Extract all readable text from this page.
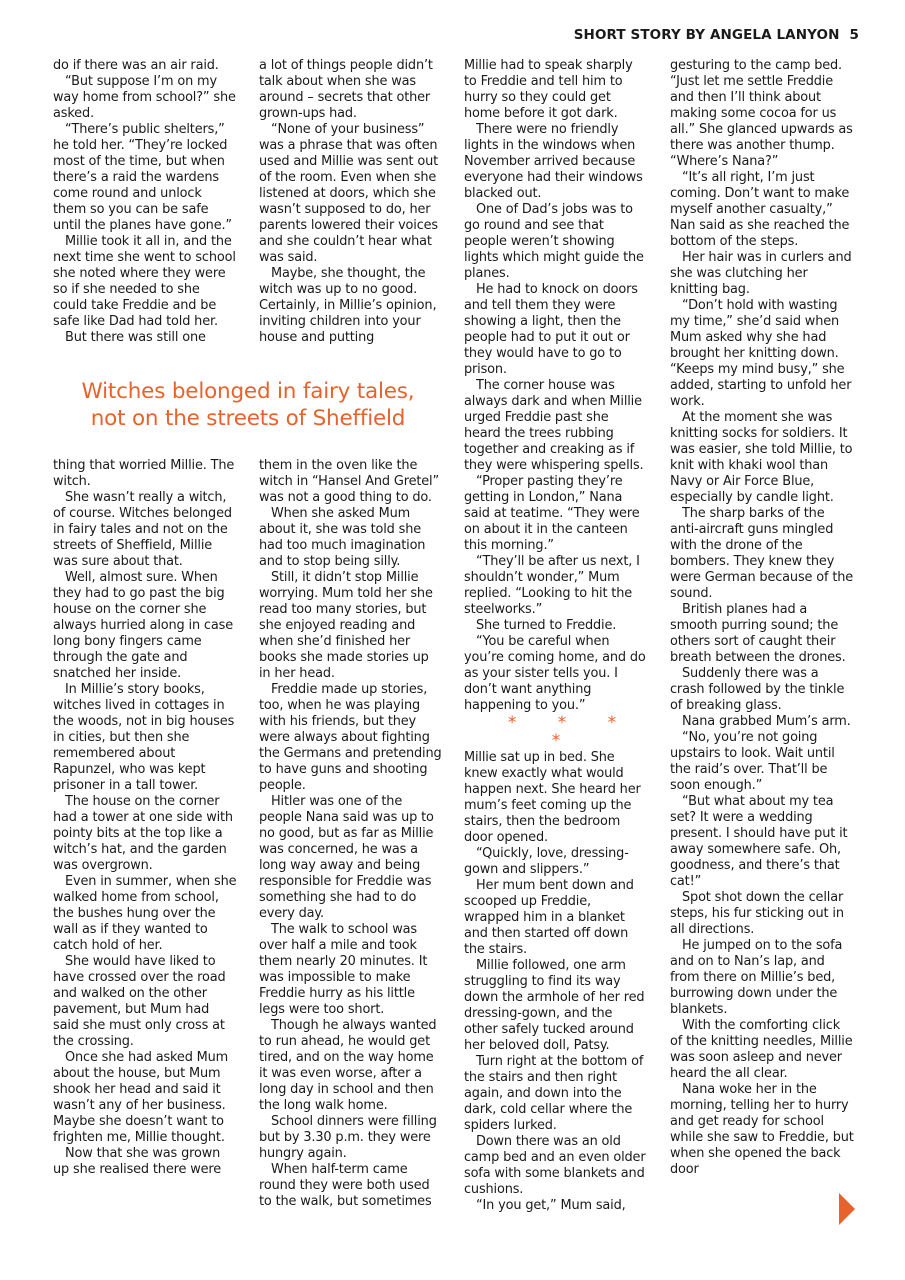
SHORT STORY BY ANGELA LANYON 5

do if there was an air raid.

“But suppose I’m on my way home from school?” she asked.

“There’s public shelters,” he told her. “They’re locked most of the time, but when there’s a raid the wardens come round and unlock them so you can be safe until the planes have gone.”

Millie took it all in, and the next time she went to school she noted where they were so if she needed to she could take Freddie and be safe like Dad had told her.

But there was still one

a lot of things people didn’t talk about when she was around – secrets that other grown-ups had.

“None of your business” was a phrase that was often used and Millie was sent out of the room. Even when she listened at doors, which she wasn’t supposed to do, her parents lowered their voices and she couldn’t hear what was said.

Maybe, she thought, the witch was up to no good. Certainly, in Millie’s opinion, inviting children into your house and putting

Witches belonged in fairy tales,
not on the streets of Sheffield

thing that worried Millie. The witch.

She wasn’t really a witch, of course. Witches belonged in fairy tales and not on the streets of Sheffield, Millie was sure about that.

Well, almost sure. When they had to go past the big house on the corner she always hurried along in case long bony fingers came through the gate and snatched her inside.

In Millie’s story books, witches lived in cottages in the woods, not in big houses in cities, but then she remembered about Rapunzel, who was kept prisoner in a tall tower.

The house on the corner had a tower at one side with pointy bits at the top like a witch’s hat, and the garden was overgrown.

Even in summer, when she walked home from school, the bushes hung over the wall as if they wanted to catch hold of her.

She would have liked to have crossed over the road and walked on the other pavement, but Mum had said she must only cross at the crossing.

Once she had asked Mum about the house, but Mum shook her head and said it wasn’t any of her business. Maybe she doesn’t want to frighten me, Millie thought.

Now that she was grown up she realised there were

them in the oven like the witch in “Hansel And Gretel” was not a good thing to do.

When she asked Mum about it, she was told she had too much imagination and to stop being silly.

Still, it didn’t stop Millie worrying. Mum told her she read too many stories, but she enjoyed reading and when she’d finished her books she made stories up in her head.

Freddie made up stories, too, when he was playing with his friends, but they were always about fighting the Germans and pretending to have guns and shooting people.

Hitler was one of the people Nana said was up to no good, but as far as Millie was concerned, he was a long way away and being responsible for Freddie was something she had to do every day.

The walk to school was over half a mile and took them nearly 20 minutes. It was impossible to make Freddie hurry as his little legs were too short.

Though he always wanted to run ahead, he would get tired, and on the way home it was even worse, after a long day in school and then the long walk home.

School dinners were filling but by 3.30 p.m. they were hungry again.

When half-term came round they were both used to the walk, but sometimes

Millie had to speak sharply to Freddie and tell him to hurry so they could get home before it got dark.

There were no friendly lights in the windows when November arrived because everyone had their windows blacked out.

One of Dad’s jobs was to go round and see that people weren’t showing lights which might guide the planes.

He had to knock on doors and tell them they were showing a light, then the people had to put it out or they would have to go to prison.

The corner house was always dark and when Millie urged Freddie past she heard the trees rubbing together and creaking as if they were whispering spells.

“Proper pasting they’re getting in London,” Nana said at teatime. “They were on about it in the canteen this morning.”

“They’ll be after us next, I shouldn’t wonder,” Mum replied. “Looking to hit the steelworks.”

She turned to Freddie.

“You be careful when you’re coming home, and do as your sister tells you. I don’t want anything happening to you.”

* * * *

Millie sat up in bed. She knew exactly what would happen next. She heard her mum’s feet coming up the stairs, then the bedroom door opened.

“Quickly, love, dressing-gown and slippers.”

Her mum bent down and scooped up Freddie, wrapped him in a blanket and then started off down the stairs.

Millie followed, one arm struggling to find its way down the armhole of her red dressing-gown, and the other safely tucked around her beloved doll, Patsy.

Turn right at the bottom of the stairs and then right again, and down into the dark, cold cellar where the spiders lurked.

Down there was an old camp bed and an even older sofa with some blankets and cushions.

“In you get,” Mum said,

gesturing to the camp bed. “Just let me settle Freddie and then I’ll think about making some cocoa for us all.” She glanced upwards as there was another thump. “Where’s Nana?”

“It’s all right, I’m just coming. Don’t want to make myself another casualty,” Nan said as she reached the bottom of the steps.

Her hair was in curlers and she was clutching her knitting bag.

“Don’t hold with wasting my time,” she’d said when Mum asked why she had brought her knitting down. “Keeps my mind busy,” she added, starting to unfold her work.

At the moment she was knitting socks for soldiers. It was easier, she told Millie, to knit with khaki wool than Navy or Air Force Blue, especially by candle light.

The sharp barks of the anti-aircraft guns mingled with the drone of the bombers. They knew they were German because of the sound.

British planes had a smooth purring sound; the others sort of caught their breath between the drones.

Suddenly there was a crash followed by the tinkle of breaking glass.

Nana grabbed Mum’s arm.

“No, you’re not going upstairs to look. Wait until the raid’s over. That’ll be soon enough.”

“But what about my tea set? It were a wedding present. I should have put it away somewhere safe. Oh, goodness, and there’s that cat!”

Spot shot down the cellar steps, his fur sticking out in all directions.

He jumped on to the sofa and on to Nan’s lap, and from there on Millie’s bed, burrowing down under the blankets.

With the comforting click of the knitting needles, Millie was soon asleep and never heard the all clear.

Nana woke her in the morning, telling her to hurry and get ready for school while she saw to Freddie, but when she opened the back door
